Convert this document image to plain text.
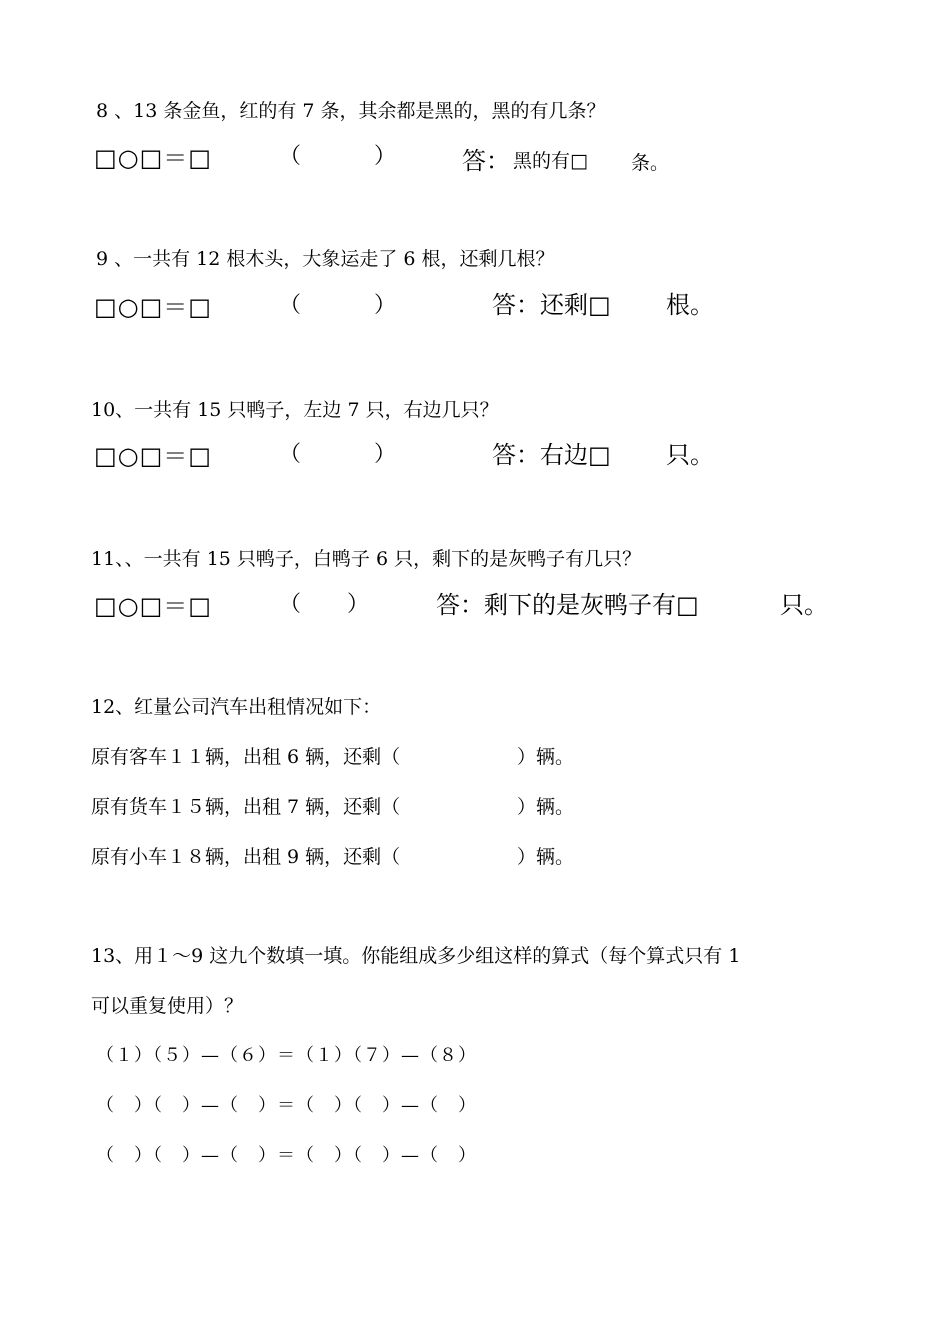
8 、13 条金鱼，红的有 7 条，其余都是黑的，黑的有几条？
□○□＝□	（	）	答： 黑的有□ 条。
9 、一共有 12 根木头，大象运走了 6 根，还剩几根？
□○□＝□	（	）	答：还剩□ 根。
10、一共有 15 只鸭子，左边 7 只，右边几只？
□○□＝□	（	）	答：右边□ 只。
11、、一共有 15 只鸭子，白鸭子 6 只，剩下的是灰鸭子有几只？
□○□＝□	（ ）	答：剩下的是灰鸭子有□	只。
12、红量公司汽车出租情况如下：
原有客车１１辆，出租 6 辆，还剩（	）辆。
原有货车１５辆，出租 7 辆，还剩（	）辆。
原有小车１８辆，出租 9 辆，还剩（	）辆。
13、用１～9 这九个数填一填。你能组成多少组这样的算式（每个算式只有 1
可以重复使用）？
（１）（５）—（６）＝（１）（７）—（８）
（　）（　）—（　）＝（　）（　）—（　）
（　）（　）—（　）＝（　）（　）—（　）
